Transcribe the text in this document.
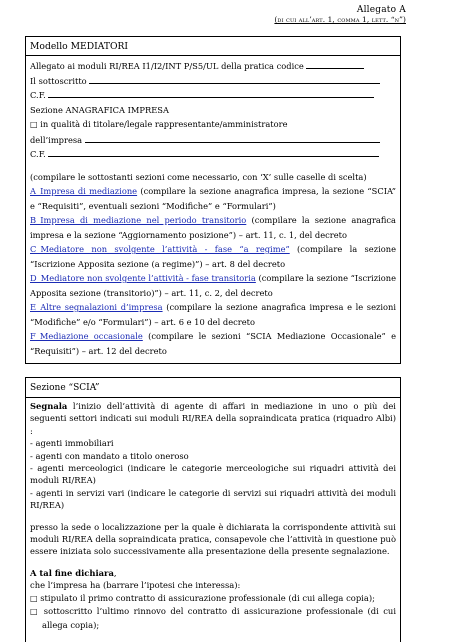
Allegato A
(di cui all’art. 1, comma 1, lett. “n”)
Modello MEDIATORI
Allegato ai moduli RI/REA I1/I2/INT P/S5/UL della pratica codice
Il sottoscritto
C.F.
Sezione ANAGRAFICA IMPRESA
□ in qualità di titolare/legale rappresentante/amministratore
dell’impresa
C.F.
(compilare le sottostanti sezioni come necessario, con ‘X’ sulle caselle di scelta)
A_Impresa di mediazione (compilare la sezione anagrafica impresa, la sezione “SCIA” e “Requisiti”, eventuali sezioni “Modifiche” e “Formulari”)
B_Impresa di mediazione nel periodo transitorio (compilare la sezione anagrafica impresa e la sezione “Aggiornamento posizione”) – art. 11, c. 1, del decreto
C_Mediatore non svolgente l’attività - fase “a regime” (compilare la sezione “Iscrizione Apposita sezione (a regime)”) – art. 8 del decreto
D_Mediatore non svolgente l’attività - fase transitoria (compilare la sezione “Iscrizione Apposita sezione (transitorio)”) – art. 11, c. 2, del decreto
E_Altre segnalazioni d’impresa (compilare la sezione anagrafica impresa e le sezioni “Modifiche” e/o “Formulari”) – art. 6 e 10 del decreto
F_Mediazione occasionale (compilare le sezioni “SCIA Mediazione Occasionale” e “Requisiti”) – art. 12 del decreto
Sezione “SCIA”
Segnala l’inizio dell’attività di agente di affari in mediazione in uno o più dei seguenti settori indicati sui moduli RI/REA della sopraindicata pratica (riquadro Albi) :
- agenti immobiliari
- agenti con mandato a titolo oneroso
- agenti merceologici (indicare le categorie merceologiche sui riquadri attività dei moduli RI/REA)
- agenti in servizi vari (indicare le categorie di servizi sui riquadri attività dei moduli RI/REA)
presso la sede o localizzazione per la quale è dichiarata la corrispondente attività sui moduli RI/REA della sopraindicata pratica, consapevole che l’attività in questione può essere iniziata solo successivamente alla presentazione della presente segnalazione.
A tal fine dichiara,
che l’impresa ha (barrare l’ipotesi che interessa):
□ stipulato il primo contratto di assicurazione professionale (di cui allega copia);
□ sottoscritto l’ultimo rinnovo del contratto di assicurazione professionale (di cui allega copia);
